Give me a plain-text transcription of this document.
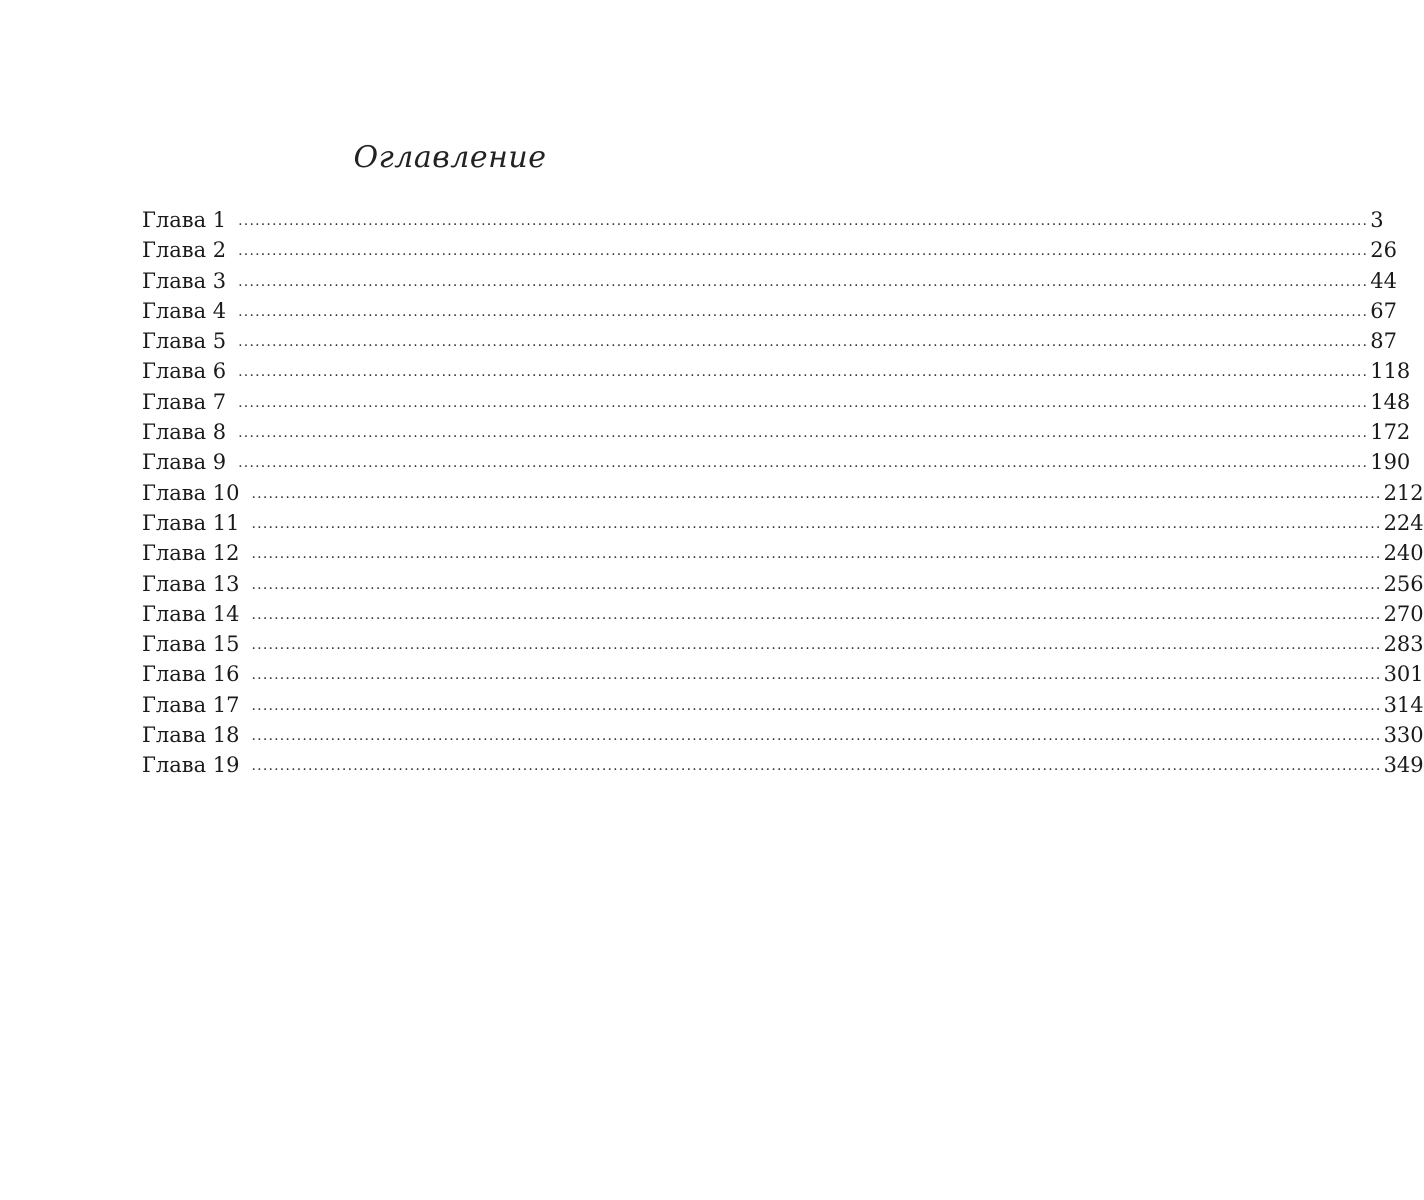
Оглавление
Глава 1 ........................................................................................................................................................................................................ 3
Глава 2 ........................................................................................................................................................................................................ 26
Глава 3 ........................................................................................................................................................................................................ 44
Глава 4 ........................................................................................................................................................................................................ 67
Глава 5 ........................................................................................................................................................................................................ 87
Глава 6 ........................................................................................................................................................................................................ 118
Глава 7 ........................................................................................................................................................................................................ 148
Глава 8 ........................................................................................................................................................................................................ 172
Глава 9 ........................................................................................................................................................................................................ 190
Глава 10 ........................................................................................................................................................................................................ 212
Глава 11 ........................................................................................................................................................................................................ 224
Глава 12 ........................................................................................................................................................................................................ 240
Глава 13 ........................................................................................................................................................................................................ 256
Глава 14 ........................................................................................................................................................................................................ 270
Глава 15 ........................................................................................................................................................................................................ 283
Глава 16 ........................................................................................................................................................................................................ 301
Глава 17 ........................................................................................................................................................................................................ 314
Глава 18 ........................................................................................................................................................................................................ 330
Глава 19 ........................................................................................................................................................................................................ 349
